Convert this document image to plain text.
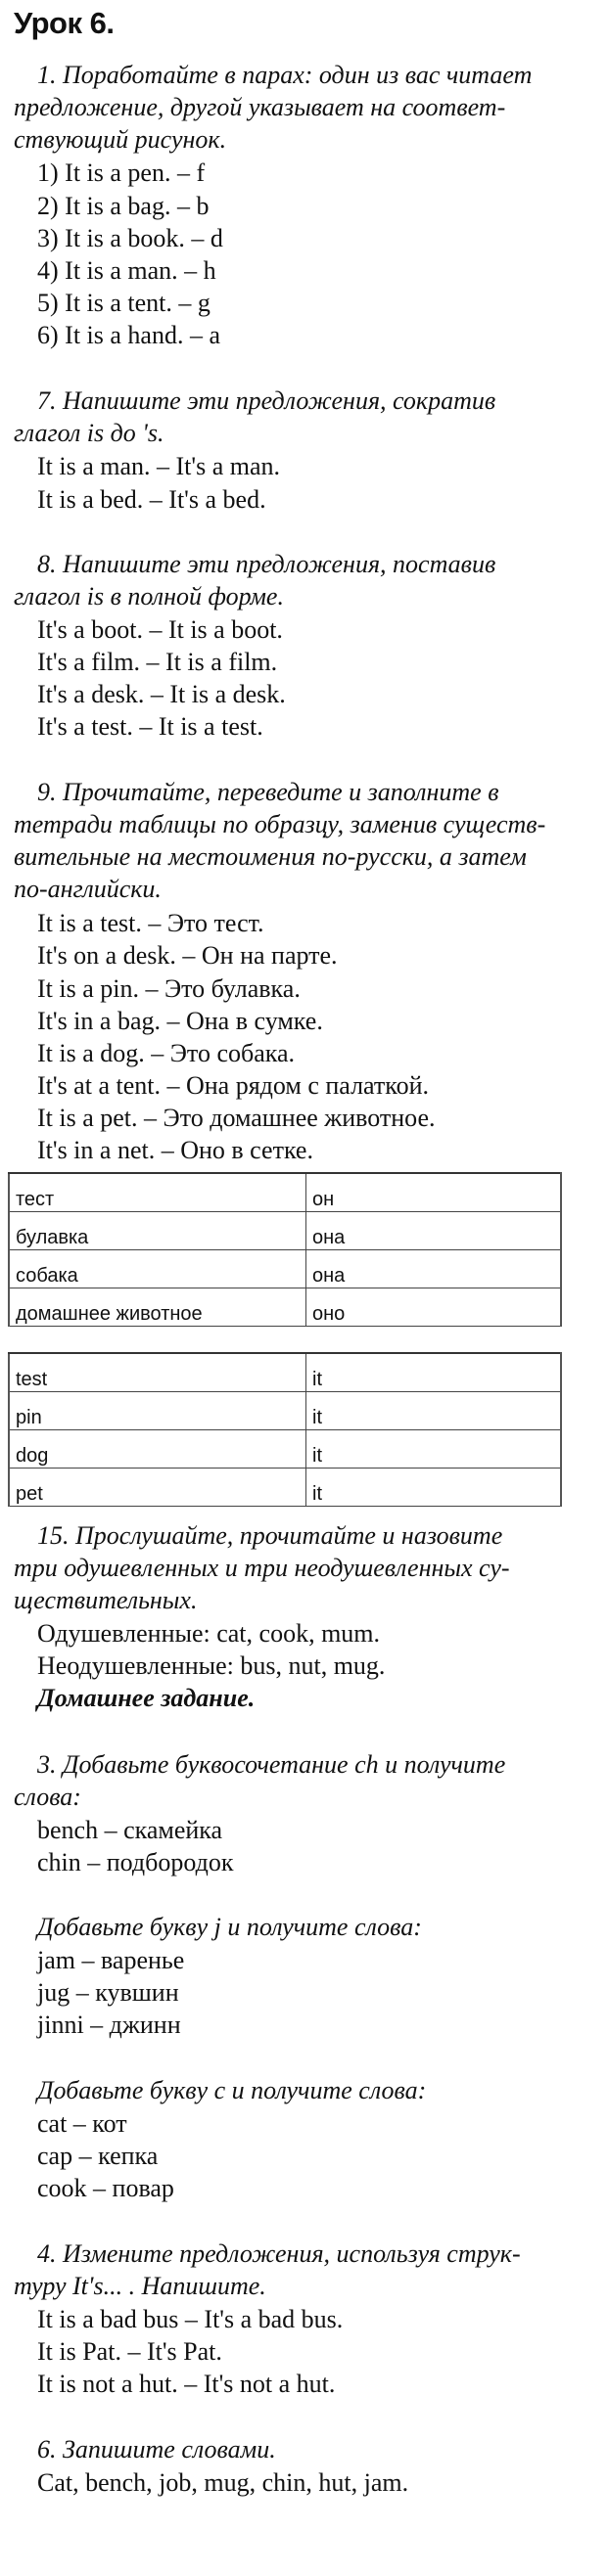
Урок 6.
1. Поработайте в парах: один из вас читает
предложение, другой указывает на соответ-
ствующий рисунок.
1) It is a pen. – f
2) It is a bag. – b
3) It is a book. – d
4) It is a man. – h
5) It is a tent. – g
6) It is a hand. – a
7. Напишите эти предложения, сократив
глагол is до 's.
It is a man. – It's a man.
It is a bed. – It's a bed.
8. Напишите эти предложения, поставив
глагол is в полной форме.
It's a boot. – It is a boot.
It's a film. – It is a film.
It's a desk. – It is a desk.
It's a test. – It is a test.
9. Прочитайте, переведите и заполните в
тетради таблицы по образцу, заменив существ-
вительные на местоимения по-русски, а затем
по-английски.
It is a test. – Это тест.
It's on a desk. – Он на парте.
It is a pin. – Это булавка.
It's in a bag. – Она в сумке.
It is a dog. – Это собака.
It's at a tent. – Она рядом с палаткой.
It is a pet. – Это домашнее животное.
It's in a net. – Оно в сетке.
тест	он
булавка	она
собака	она
домашнее животное	оно
test	it
pin	it
dog	it
pet	it
15. Прослушайте, прочитайте и назовите
три одушевленных и три неодушевленных су-
ществительных.
Одушевленные: cat, cook, mum.
Неодушевленные: bus, nut, mug.
Домашнее задание.
3. Добавьте буквосочетание ch и получите
слова:
bench – скамейка
chin – подбородок
Добавьте букву j и получите слова:
jam – варенье
jug – кувшин
jinni – джинн
Добавьте букву c и получите слова:
cat – кот
cap – кепка
cook – повар
4. Измените предложения, используя струк-
туру It's... . Напишите.
It is a bad bus – It's a bad bus.
It is Pat. – It's Pat.
It is not a hut. – It's not a hut.
6. Запишите словами.
Cat, bench, job, mug, chin, hut, jam.
